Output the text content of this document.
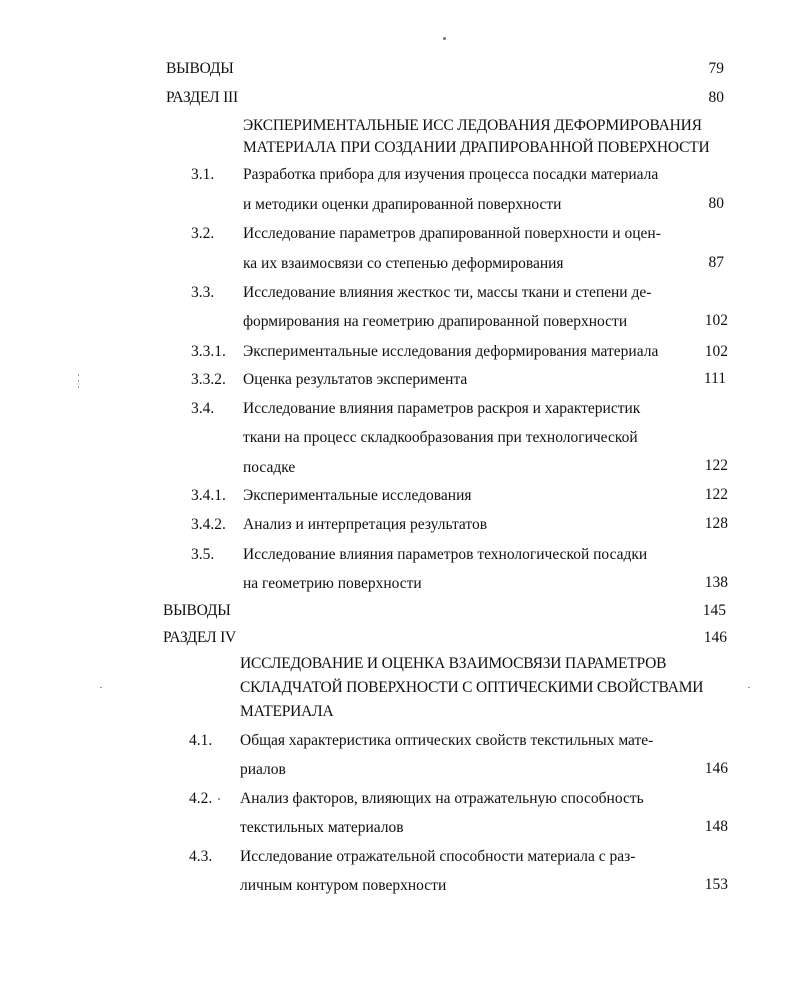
ВЫВОДЫ	79
РАЗДЕЛ III	80
ЭКСПЕРИМЕНТАЛЬНЫЕ ИСС ЛЕДОВАНИЯ ДЕФОРМИРОВАНИЯ
МАТЕРИАЛА ПРИ СОЗДАНИИ ДРАПИРОВАННОЙ ПОВЕРХНОСТИ
3.1. Разработка прибора для изучения процесса посадки материала
и методики оценки драпированной поверхности	80
3.2. Исследование параметров драпированной поверхности и оцен-
ка их взаимосвязи со степенью деформирования	87
3.3. Исследование влияния жесткос ти, массы ткани и степени де-
формирования на геометрию драпированной поверхности	102
3.3.1. Экспериментальные исследования деформирования материала	102
3.3.2. Оценка результатов эксперимента	111
3.4. Исследование влияния параметров раскроя и характеристик
ткани на процесс складкообразования при технологической
посадке	122
3.4.1. Экспериментальные исследования	122
3.4.2. Анализ и интерпретация результатов	128
3.5. Исследование влияния параметров технологической посадки
на геометрию поверхности	138
ВЫВОДЫ	145
РАЗДЕЛ IV	146
ИССЛЕДОВАНИЕ И ОЦЕНКА ВЗАИМОСВЯЗИ ПАРАМЕТРОВ
СКЛАДЧАТОЙ ПОВЕРХНОСТИ С ОПТИЧЕСКИМИ СВОЙСТВАМИ
МАТЕРИАЛА
4.1. Общая характеристика оптических свойств текстильных мате-
риалов	146
4.2. Анализ факторов, влияющих на отражательную способность
текстильных материалов	148
4.3. Исследование отражательной способности материала с раз-
личным контуром поверхности	153
